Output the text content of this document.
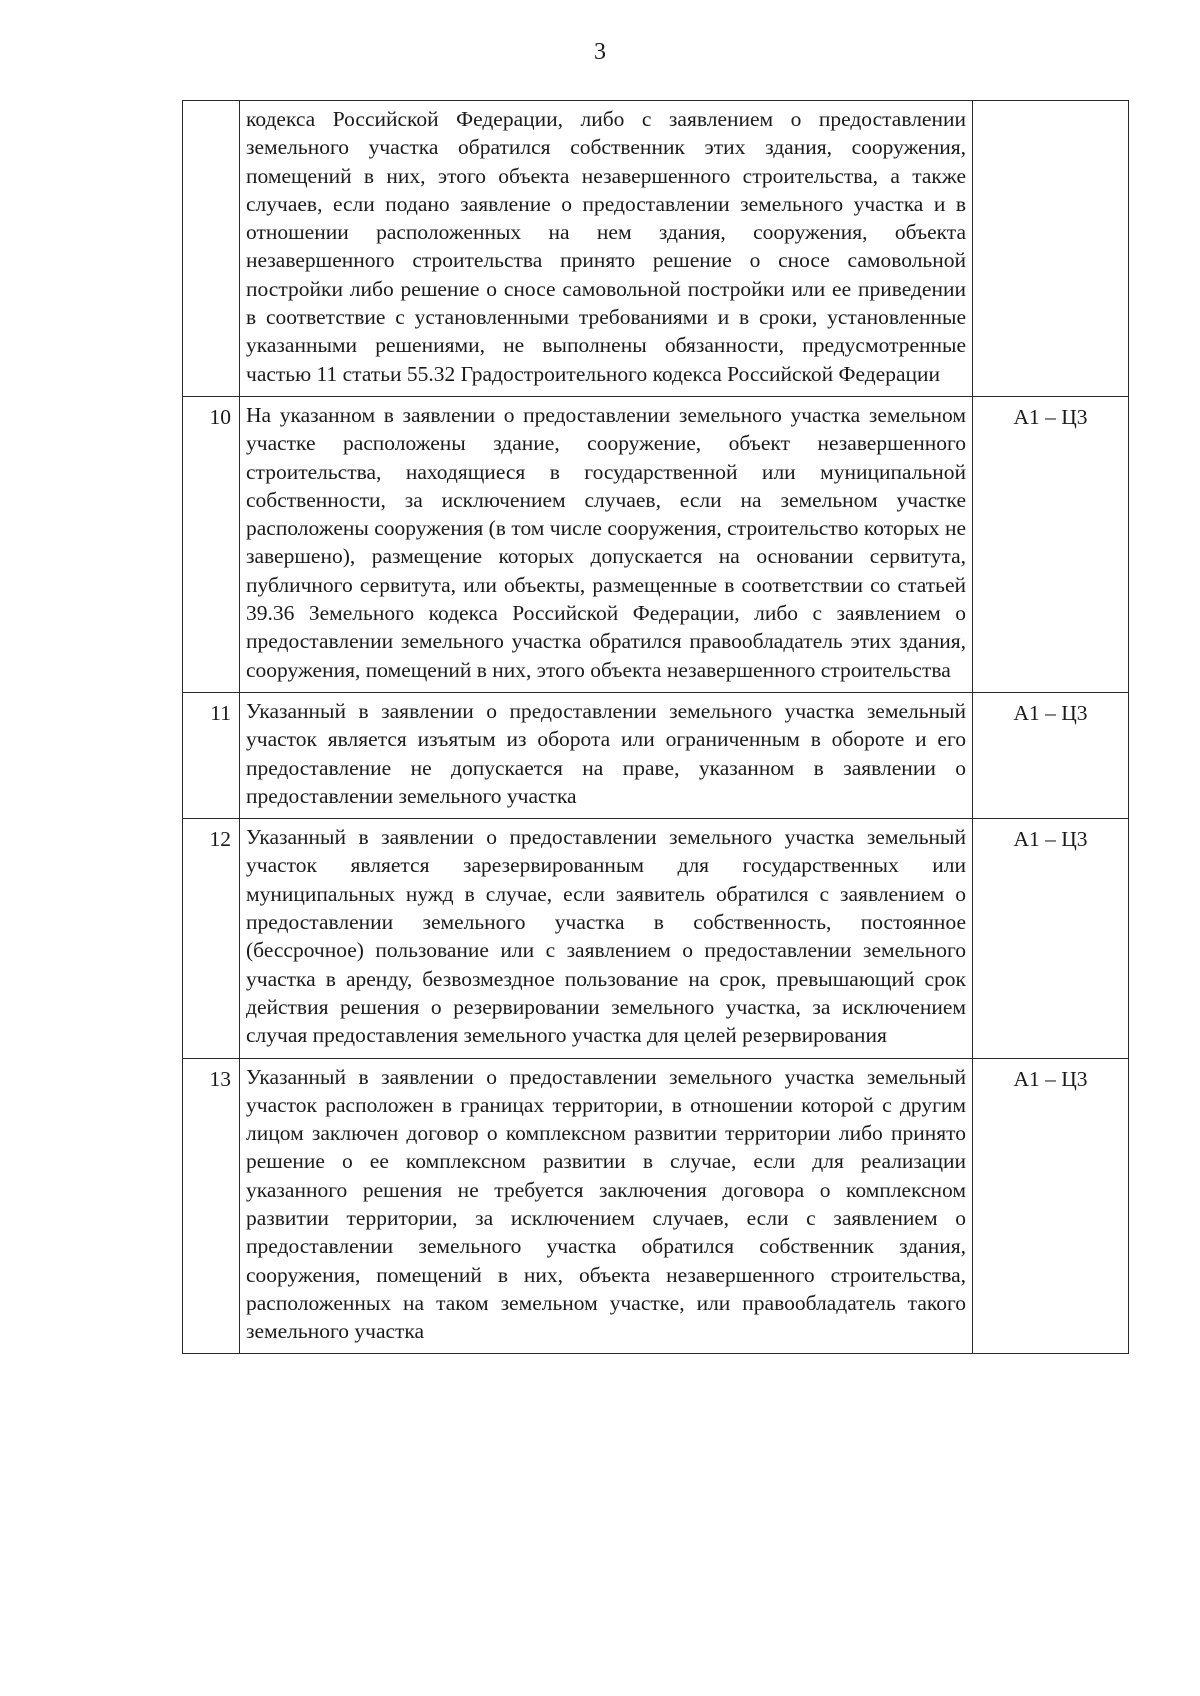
3
	кодекса Российской Федерации, либо с заявлением о предоставлении земельного участка обратился собственник этих здания, сооружения, помещений в них, этого объекта незавершенного строительства, а также случаев, если подано заявление о предоставлении земельного участка и в отношении расположенных на нем здания, сооружения, объекта незавершенного строительства принято решение о сносе самовольной постройки либо решение о сносе самовольной постройки или ее приведении в соответствие с установленными требованиями и в сроки, установленные указанными решениями, не выполнены обязанности, предусмотренные частью 11 статьи 55.32 Градостроительного кодекса Российской Федерации	
10	На указанном в заявлении о предоставлении земельного участка земельном участке расположены здание, сооружение, объект незавершенного строительства, находящиеся в государственной или муниципальной собственности, за исключением случаев, если на земельном участке расположены сооружения (в том числе сооружения, строительство которых не завершено), размещение которых допускается на основании сервитута, публичного сервитута, или объекты, размещенные в соответствии со статьей 39.36 Земельного кодекса Российской Федерации, либо с заявлением о предоставлении земельного участка обратился правообладатель этих здания, сооружения, помещений в них, этого объекта незавершенного строительства	А1 – Ц3
11	Указанный в заявлении о предоставлении земельного участка земельный участок является изъятым из оборота или ограниченным в обороте и его предоставление не допускается на праве, указанном в заявлении о предоставлении земельного участка	А1 – Ц3
12	Указанный в заявлении о предоставлении земельного участка земельный участок является зарезервированным для государственных или муниципальных нужд в случае, если заявитель обратился с заявлением о предоставлении земельного участка в собственность, постоянное (бессрочное) пользование или с заявлением о предоставлении земельного участка в аренду, безвозмездное пользование на срок, превышающий срок действия решения о резервировании земельного участка, за исключением случая предоставления земельного участка для целей резервирования	А1 – Ц3
13	Указанный в заявлении о предоставлении земельного участка земельный участок расположен в границах территории, в отношении которой с другим лицом заключен договор о комплексном развитии территории либо принято решение о ее комплексном развитии в случае, если для реализации указанного решения не требуется заключения договора о комплексном развитии территории, за исключением случаев, если с заявлением о предоставлении земельного участка обратился собственник здания, сооружения, помещений в них, объекта незавершенного строительства, расположенных на таком земельном участке, или правообладатель такого земельного участка	А1 – Ц3
